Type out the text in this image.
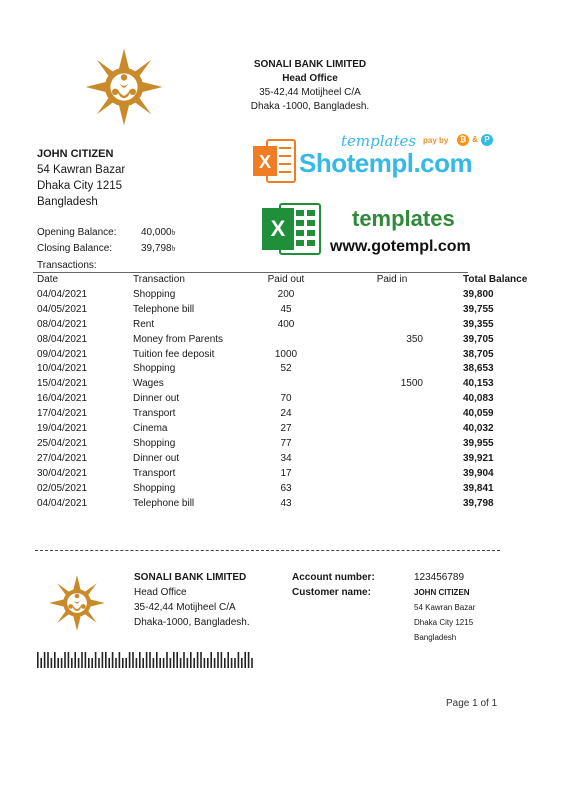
SONALI BANK LIMITED
Head Office
35-42,44 Motijheel C/A
Dhaka -1000, Bangladesh.
JOHN CITIZEN
54 Kawran Bazar
Dhaka City 1215
Bangladesh
X
templates pay by	₿ & P
Shotempl.com
X	templates
www.gotempl.com
Opening Balance: 40,000৳
Closing Balance:	39,798৳
Transactions:
Date	Transaction	Paid out	Paid in	Total Balance
04/04/2021	Shopping	200		39,800
04/05/2021	Telephone bill	45		39,755
08/04/2021	Rent	400		39,355
08/04/2021	Money from Parents		350	39,705
09/04/2021	Tuition fee deposit	1000		38,705
10/04/2021	Shopping	52		38,653
15/04/2021	Wages		1500	40,153
16/04/2021	Dinner out	70		40,083
17/04/2021	Transport	24		40,059
19/04/2021	Cinema	27		40,032
25/04/2021	Shopping	77		39,955
27/04/2021	Dinner out	34		39,921
30/04/2021	Transport	17		39,904
02/05/2021	Shopping	63		39,841
04/04/2021	Telephone bill	43		39,798
SONALI BANK LIMITED
Head Office
35-42,44 Motijheel C/A
Dhaka-1000, Bangladesh.
Account number:
Customer name:
123456789
JOHN CITIZEN
54 Kawran Bazar
Dhaka City 1215
Bangladesh
Page 1 of 1
